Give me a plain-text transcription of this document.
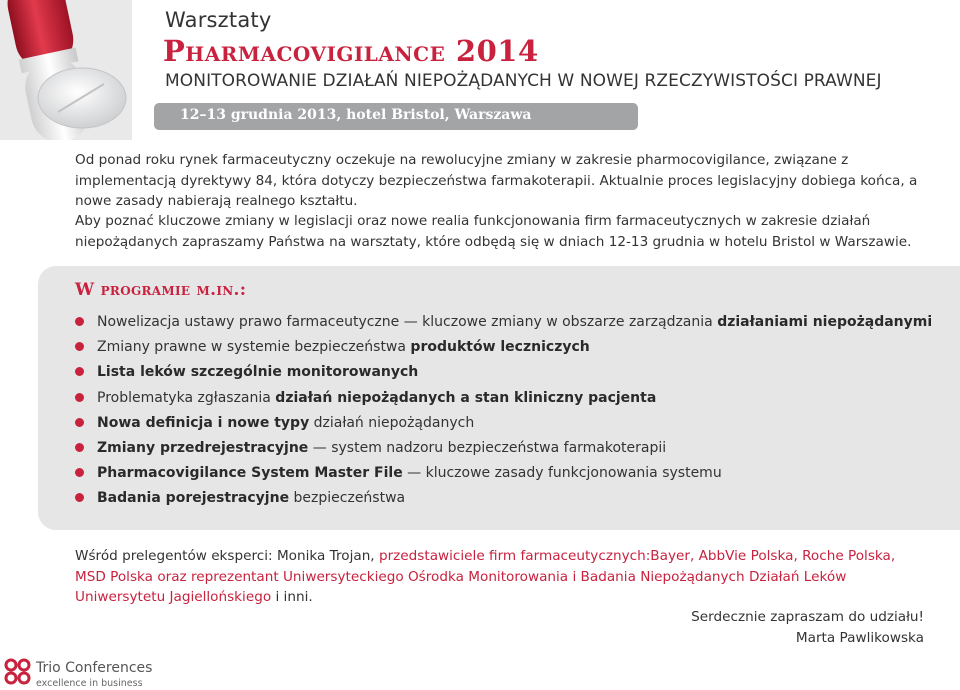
Warsztaty
Pharmacovigilance 2014
MONITOROWANIE DZIAŁAŃ NIEPOŻĄDANYCH W NOWEJ RZECZYWISTOŚCI PRAWNEJ
12–13 grudnia 2013, hotel Bristol, Warszawa
Od ponad roku rynek farmaceutyczny oczekuje na rewolucyjne zmiany w zakresie pharmocovigilance, związane z implementacją dyrektywy 84, która dotyczy bezpieczeństwa farmakoterapii. Aktualnie proces legislacyjny dobiega końca, a nowe zasady nabierają realnego kształtu.
Aby poznać kluczowe zmiany w legislacji oraz nowe realia funkcjonowania firm farmaceutycznych w zakresie działań niepożądanych zapraszamy Państwa na warsztaty, które odbędą się w dniach 12-13 grudnia w hotelu Bristol w Warszawie.
W programie m.in.:
Nowelizacja ustawy prawo farmaceutyczne — kluczowe zmiany w obszarze zarządzania działaniami niepożądanymi
Zmiany prawne w systemie bezpieczeństwa produktów leczniczych
Lista leków szczególnie monitorowanych
Problematyka zgłaszania działań niepożądanych a stan kliniczny pacjenta
Nowa definicja i nowe typy działań niepożądanych
Zmiany przedrejestracyjne — system nadzoru bezpieczeństwa farmakoterapii
Pharmacovigilance System Master File — kluczowe zasady funkcjonowania systemu
Badania porejestracyjne bezpieczeństwa
Wśród prelegentów eksperci: Monika Trojan, przedstawiciele firm farmaceutycznych:Bayer, AbbVie Polska, Roche Polska, MSD Polska oraz reprezentant Uniwersyteckiego Ośrodka Monitorowania i Badania Niepożądanych Działań Leków Uniwersytetu Jagiellońskiego i inni.
Serdecznie zapraszam do udziału!
Marta Pawlikowska
Trio Conferences
excellence in business
